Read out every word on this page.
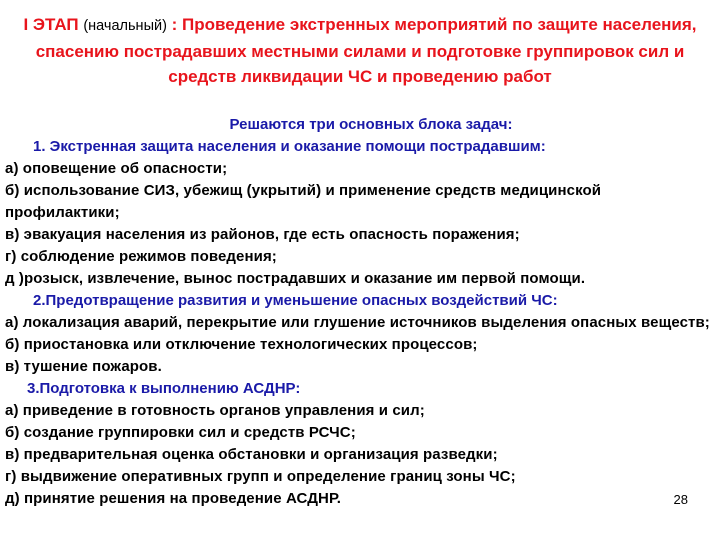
I ЭТАП (начальный) : Проведение экстренных мероприятий по защите населения, спасению пострадавших местными силами и подготовке группировок сил и средств ликвидации ЧС и проведению работ

Решаются три основных блока задач:

1. Экстренная защита населения и оказание помощи пострадавшим:

а) оповещение об опасности;

б) использование СИЗ, убежищ (укрытий) и применение средств медицинской профилактики;

в) эвакуация населения из районов, где есть опасность поражения;

г) соблюдение режимов поведения;

д )розыск, извлечение, вынос пострадавших и оказание им первой помощи.

2.Предотвращение развития и уменьшение опасных воздействий ЧС:

а) локализация аварий, перекрытие или глушение источников выделения опасных веществ;

б) приостановка или отключение технологических процессов;

в) тушение пожаров.

3.Подготовка к выполнению АСДНР:

а) приведение в готовность органов управления и сил;

б) создание группировки сил и средств РСЧС;

в) предварительная оценка обстановки и организация разведки;

г) выдвижение оперативных групп и определение границ зоны ЧС;

д) принятие решения на проведение АСДНР.	28
